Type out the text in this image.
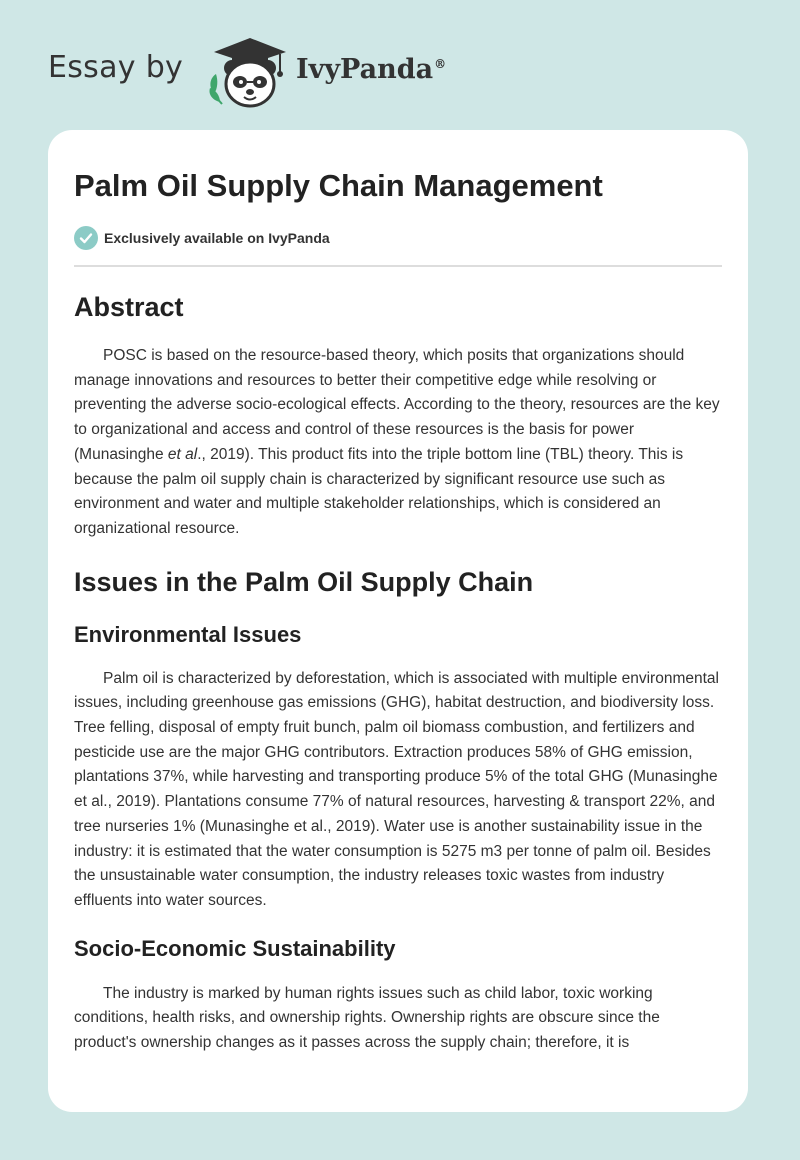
Essay by	IvyPanda®
Palm Oil Supply Chain Management
Exclusively available on IvyPanda
Abstract

POSC is based on the resource-based theory, which posits that organizations should manage innovations and resources to better their competitive edge while resolving or preventing the adverse socio-ecological effects. According to the theory, resources are the key to organizational and access and control of these resources is the basis for power (Munasinghe et al., 2019). This product fits into the triple bottom line (TBL) theory. This is because the palm oil supply chain is characterized by significant resource use such as environment and water and multiple stakeholder relationships, which is considered an organizational resource.

Issues in the Palm Oil Supply Chain
Environmental Issues

Palm oil is characterized by deforestation, which is associated with multiple environmental issues, including greenhouse gas emissions (GHG), habitat destruction, and biodiversity loss. Tree felling, disposal of empty fruit bunch, palm oil biomass combustion, and fertilizers and pesticide use are the major GHG contributors. Extraction produces 58% of GHG emission, plantations 37%, while harvesting and transporting produce 5% of the total GHG (Munasinghe et al., 2019). Plantations consume 77% of natural resources, harvesting & transport 22%, and tree nurseries 1% (Munasinghe et al., 2019). Water use is another sustainability issue in the industry: it is estimated that the water consumption is 5275 m3 per tonne of palm oil. Besides the unsustainable water consumption, the industry releases toxic wastes from industry effluents into water sources.

Socio-Economic Sustainability

The industry is marked by human rights issues such as child labor, toxic working conditions, health risks, and ownership rights. Ownership rights are obscure since the product's ownership changes as it passes across the supply chain; therefore, it is
